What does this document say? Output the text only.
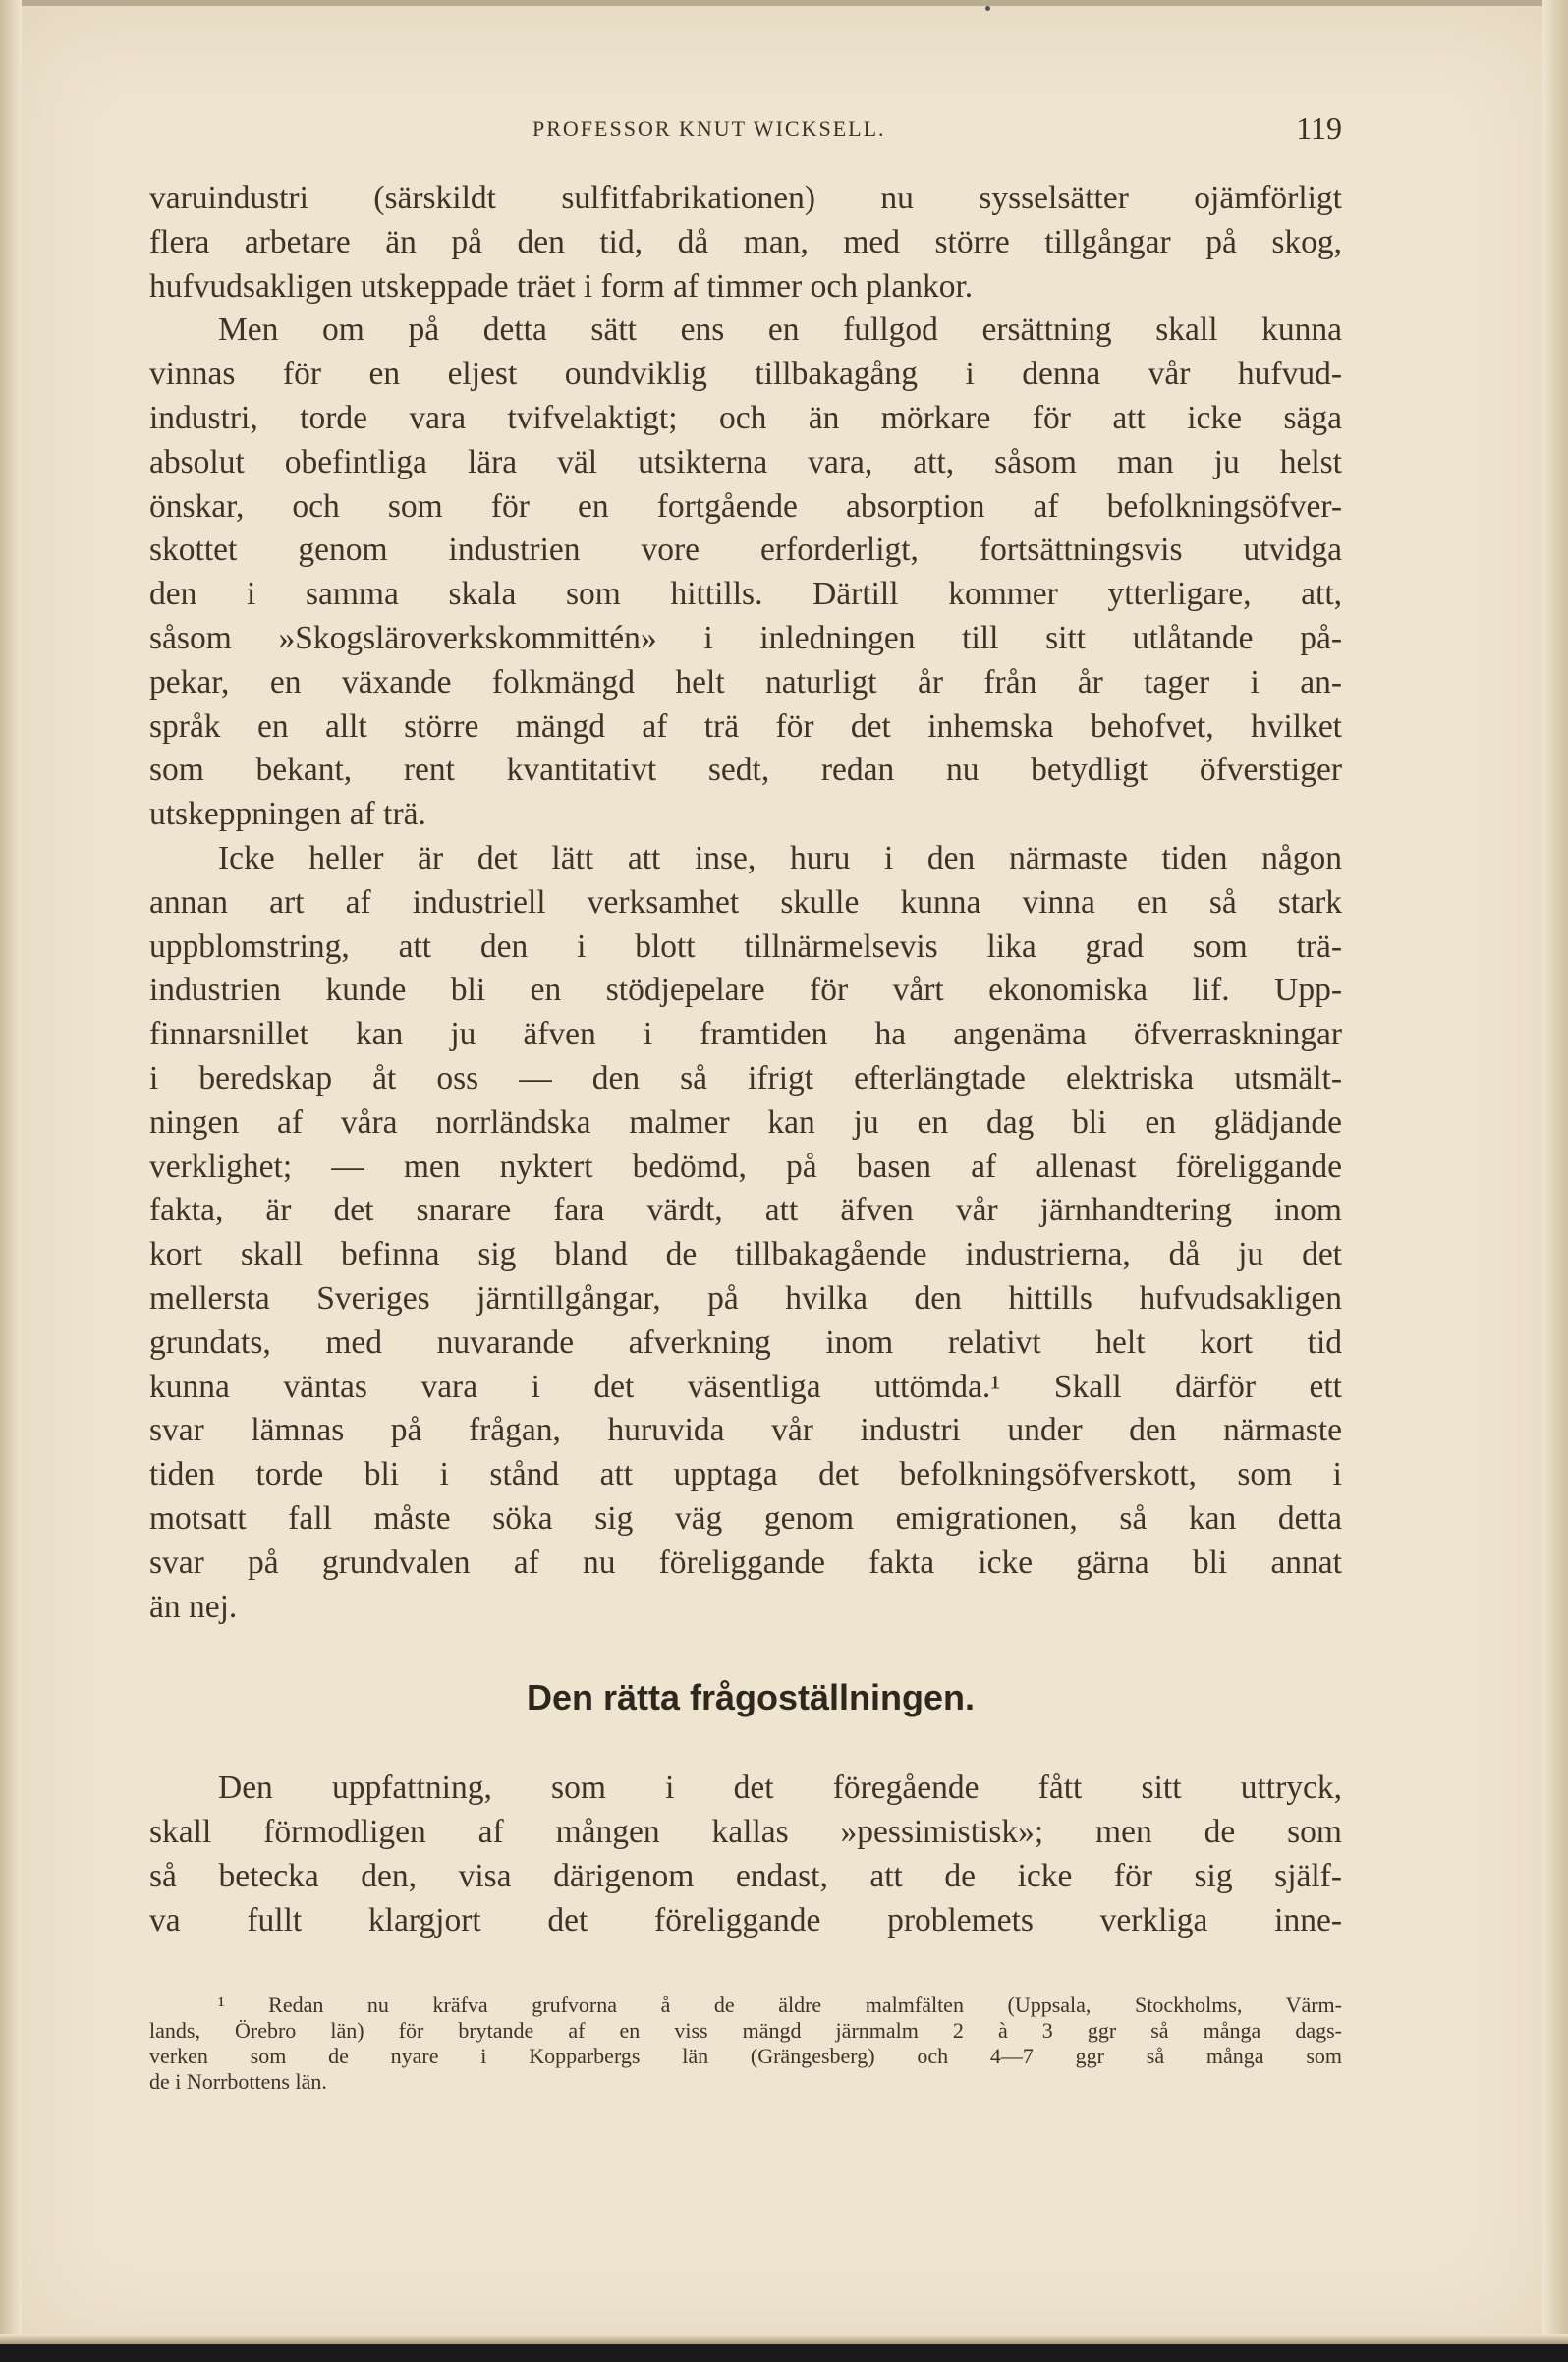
PROFESSOR KNUT WICKSELL.	119
varuindustri (särskildt sulfitfabrikationen) nu sysselsätter ojämförligt
flera arbetare än på den tid, då man, med större tillgångar på skog,
hufvudsakligen utskeppade träet i form af timmer och plankor.
Men om på detta sätt ens en fullgod ersättning skall kunna
vinnas för en eljest oundviklig tillbakagång i denna vår hufvud-
industri, torde vara tvifvelaktigt; och än mörkare för att icke säga
absolut obefintliga lära väl utsikterna vara, att, såsom man ju helst
önskar, och som för en fortgående absorption af befolkningsöfver-
skottet genom industrien vore erforderligt, fortsättningsvis utvidga
den i samma skala som hittills. Därtill kommer ytterligare, att,
såsom »Skogsläroverkskommittén» i inledningen till sitt utlåtande på-
pekar, en växande folkmängd helt naturligt år från år tager i an-
språk en allt större mängd af trä för det inhemska behofvet, hvilket
som bekant, rent kvantitativt sedt, redan nu betydligt öfverstiger
utskeppningen af trä.
Icke heller är det lätt att inse, huru i den närmaste tiden någon
annan art af industriell verksamhet skulle kunna vinna en så stark
uppblomstring, att den i blott tillnärmelsevis lika grad som trä-
industrien kunde bli en stödjepelare för vårt ekonomiska lif. Upp-
finnarsnillet kan ju äfven i framtiden ha angenäma öfverraskningar
i beredskap åt oss — den så ifrigt efterlängtade elektriska utsmält-
ningen af våra norrländska malmer kan ju en dag bli en glädjande
verklighet; — men nyktert bedömd, på basen af allenast föreliggande
fakta, är det snarare fara värdt, att äfven vår järnhandtering inom
kort skall befinna sig bland de tillbakagående industrierna, då ju det
mellersta Sveriges järntillgångar, på hvilka den hittills hufvudsakligen
grundats, med nuvarande afverkning inom relativt helt kort tid
kunna väntas vara i det väsentliga uttömda.¹ Skall därför ett
svar lämnas på frågan, huruvida vår industri under den närmaste
tiden torde bli i stånd att upptaga det befolkningsöfverskott, som i
motsatt fall måste söka sig väg genom emigrationen, så kan detta
svar på grundvalen af nu föreliggande fakta icke gärna bli annat
än nej.
Den rätta frågoställningen.
Den uppfattning, som i det föregående fått sitt uttryck,
skall förmodligen af mången kallas »pessimistisk»; men de som
så betecka den, visa därigenom endast, att de icke för sig själf-
va fullt klargjort det föreliggande problemets verkliga inne-
¹ Redan nu kräfva grufvorna å de äldre malmfälten (Uppsala, Stockholms, Värm-
lands, Örebro län) för brytande af en viss mängd järnmalm 2 à 3 ggr så många dags-
verken som de nyare i Kopparbergs län (Grängesberg) och 4—7 ggr så många som
de i Norrbottens län.
